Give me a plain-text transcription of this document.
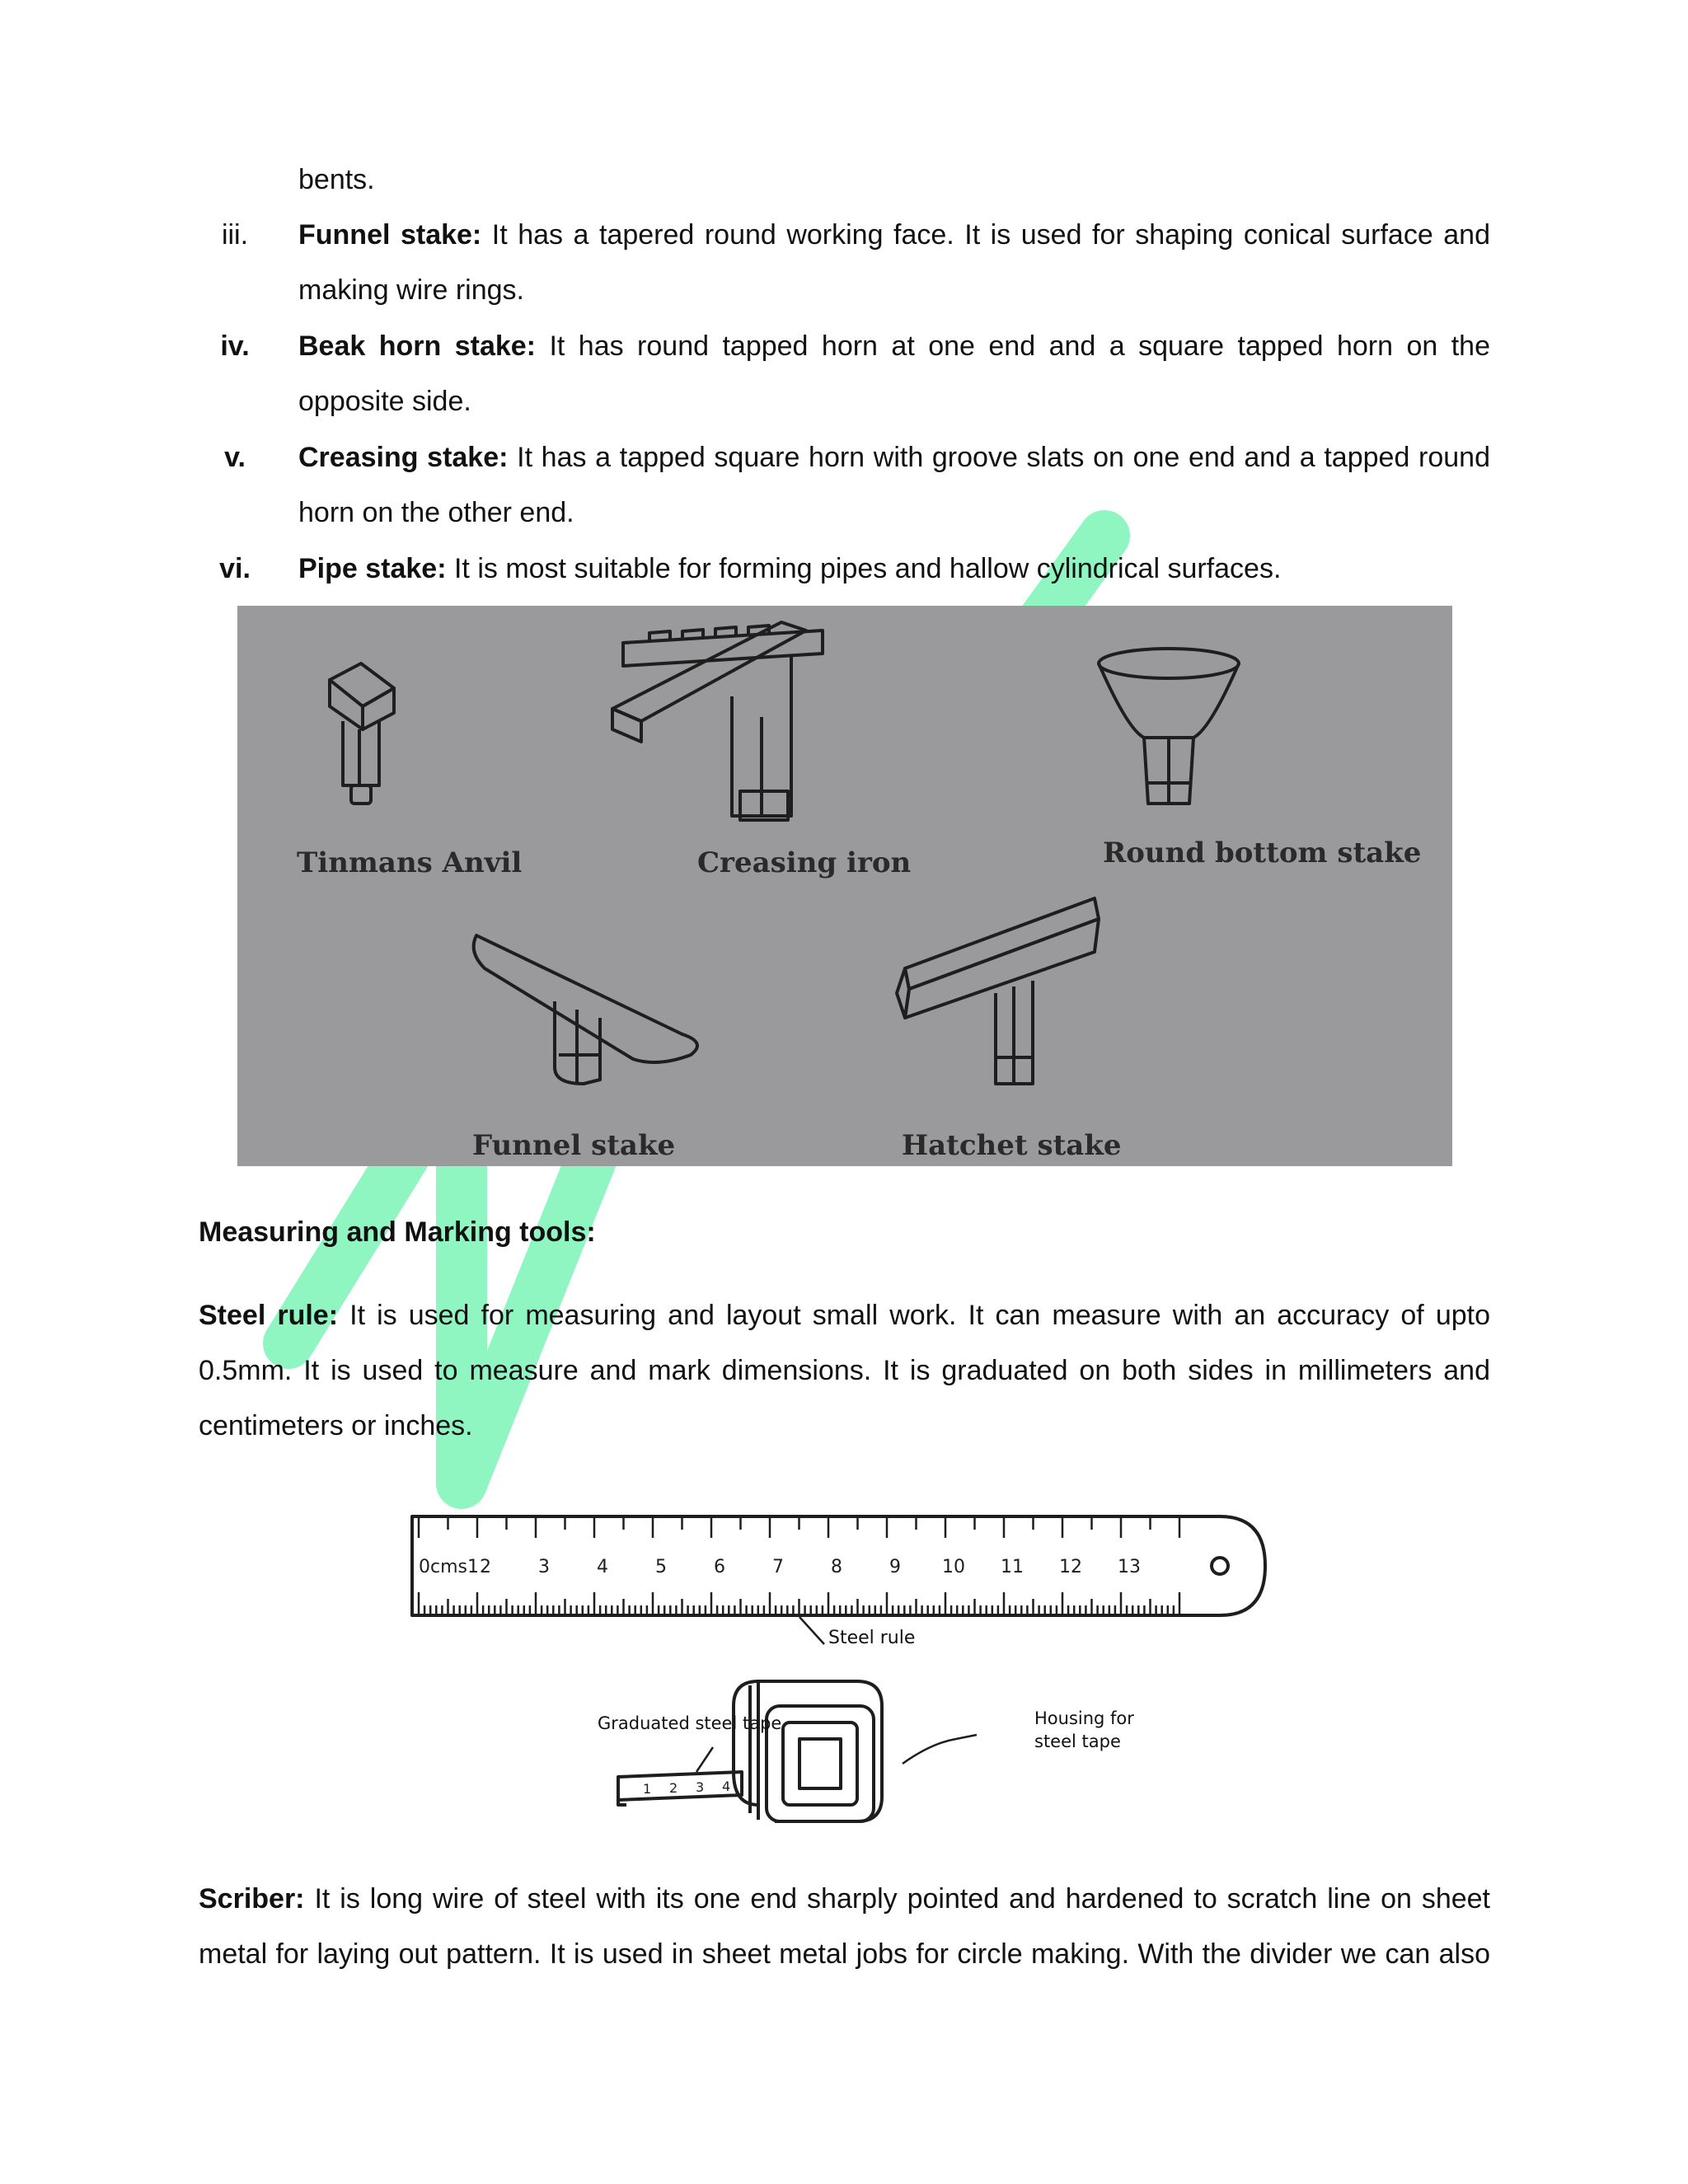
bents.
iii.	Funnel stake: It has a tapered round working face. It is used for shaping conical surface and
making wire rings.
iv.	Beak horn stake: It has round tapped horn at one end and a square tapped horn on the
opposite side.
v.	Creasing stake: It has a tapped square horn with groove slats on one end and a tapped round
horn on the other end.
vi.	Pipe stake: It is most suitable for forming pipes and hallow cylindrical surfaces.
Tinmans Anvil	Creasing iron	Round bottom stake
Funnel stake	Hatchet stake
Measuring and Marking tools:
Steel rule: It is used for measuring and layout small work. It can measure with an accuracy of upto
0.5mm. It is used to measure and mark dimensions. It is graduated on both sides in millimeters and
centimeters or inches.
0cms1 2	3	4	5	6	7	8	9 10 11 12 13
Steel rule
1 2 3 4
Graduated steel tape	Housing for
steel tape
Scriber: It is long wire of steel with its one end sharply pointed and hardened to scratch line on sheet
metal for laying out pattern. It is used in sheet metal jobs for circle making. With the divider we can also
